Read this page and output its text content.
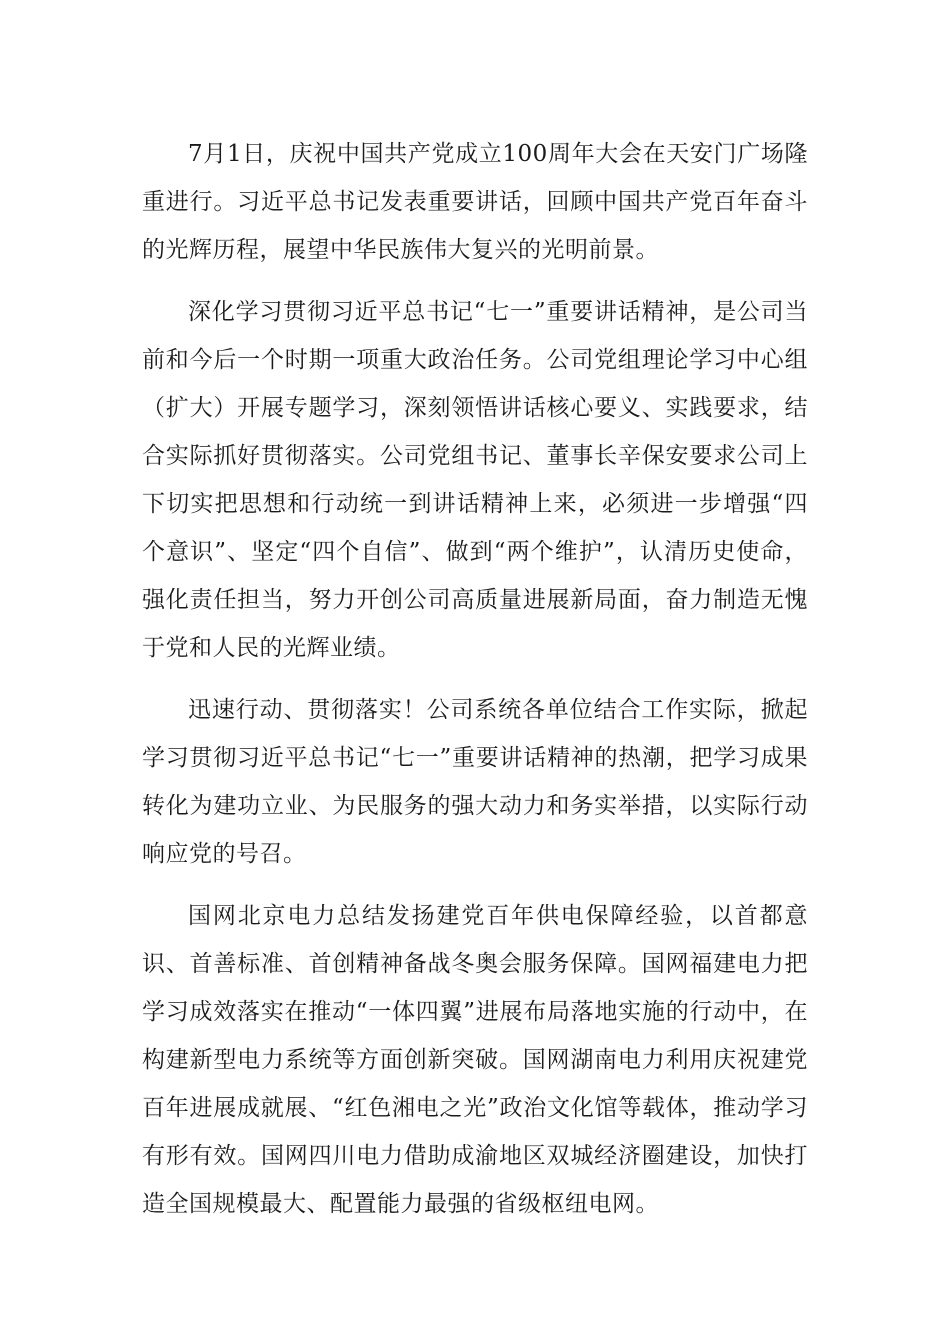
7月1日，庆祝中国共产党成立100周年大会在天安门广场隆重进行。习近平总书记发表重要讲话，回顾中国共产党百年奋斗的光辉历程，展望中华民族伟大复兴的光明前景。

深化学习贯彻习近平总书记“七一”重要讲话精神，是公司当前和今后一个时期一项重大政治任务。公司党组理论学习中心组（扩大）开展专题学习，深刻领悟讲话核心要义、实践要求，结合实际抓好贯彻落实。公司党组书记、董事长辛保安要求公司上下切实把思想和行动统一到讲话精神上来，必须进一步增强“四个意识”、坚定“四个自信”、做到“两个维护”，认清历史使命，强化责任担当，努力开创公司高质量进展新局面，奋力制造无愧于党和人民的光辉业绩。

迅速行动、贯彻落实！公司系统各单位结合工作实际，掀起学习贯彻习近平总书记“七一”重要讲话精神的热潮，把学习成果转化为建功立业、为民服务的强大动力和务实举措，以实际行动响应党的号召。

国网北京电力总结发扬建党百年供电保障经验，以首都意识、首善标准、首创精神备战冬奥会服务保障。国网福建电力把学习成效落实在推动“一体四翼”进展布局落地实施的行动中，在构建新型电力系统等方面创新突破。国网湖南电力利用庆祝建党百年进展成就展、“红色湘电之光”政治文化馆等载体，推动学习有形有效。国网四川电力借助成渝地区双城经济圈建设，加快打造全国规模最大、配置能力最强的省级枢纽电网。
